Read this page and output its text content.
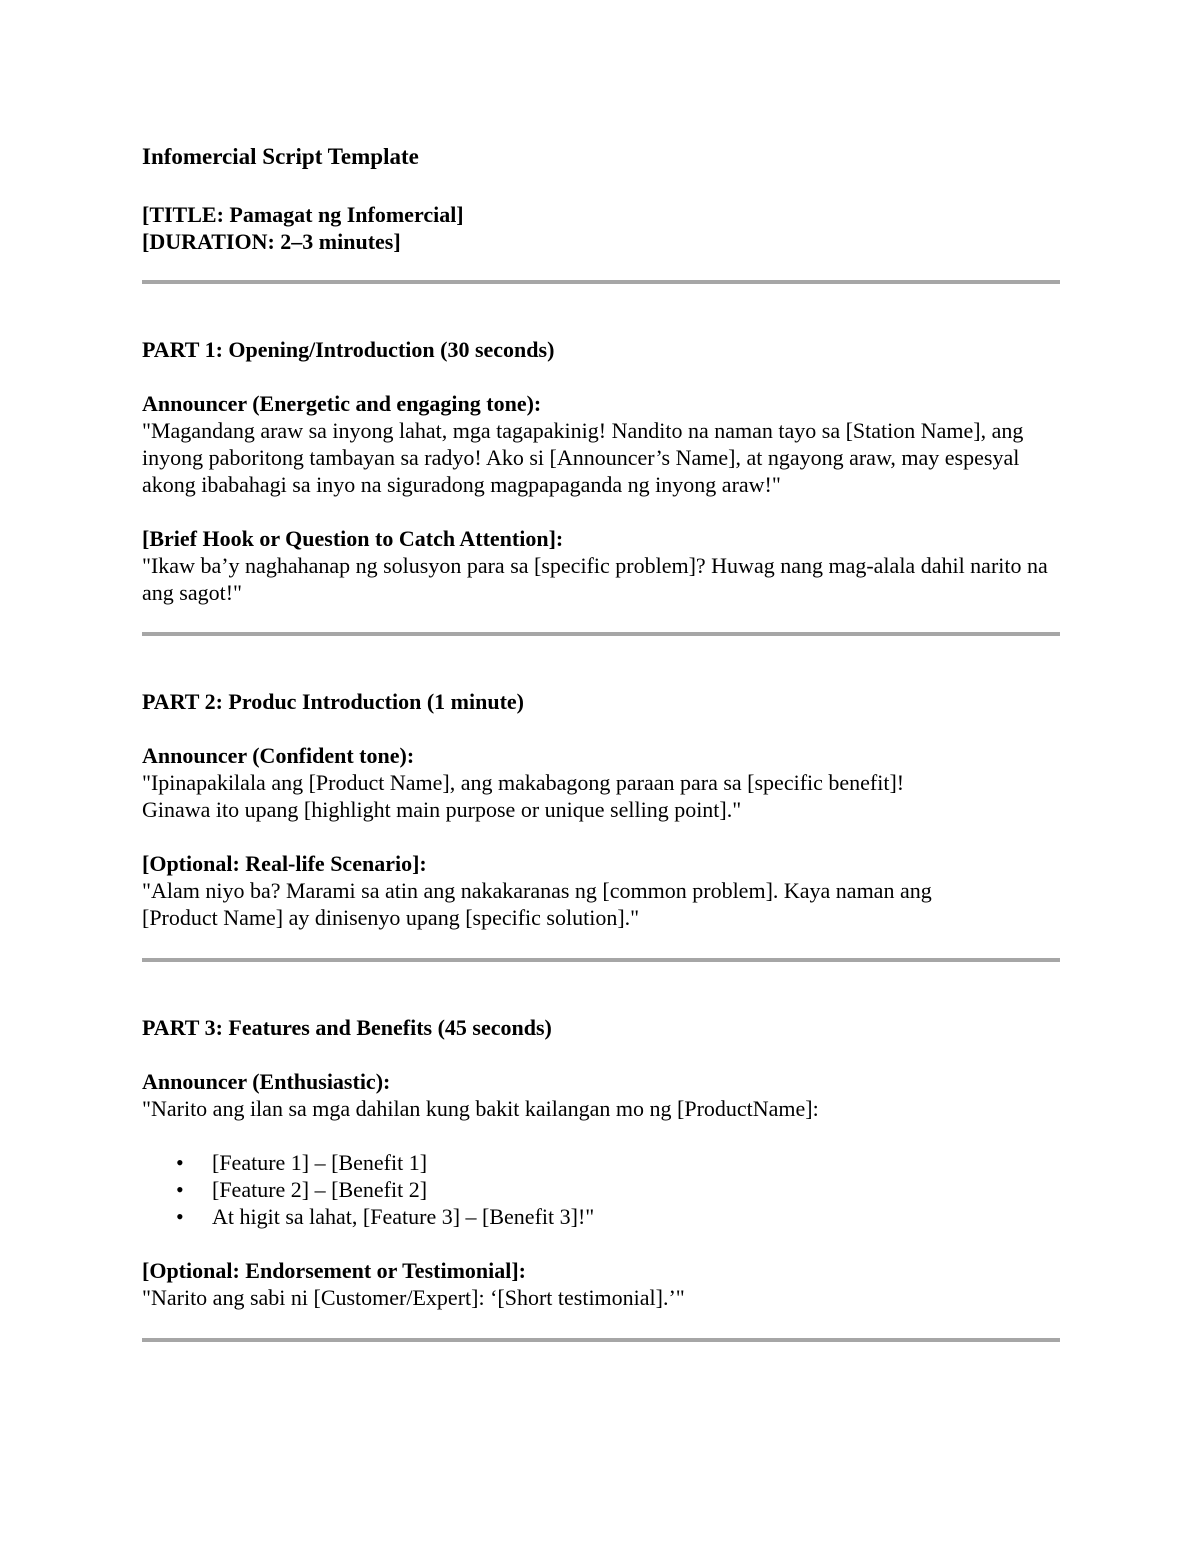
Infomercial Script Template
[TITLE: Pamagat ng Infomercial]
[DURATION: 2–3 minutes]
PART 1: Opening/Introduction (30 seconds)
Announcer (Energetic and engaging tone):
"Magandang araw sa inyong lahat, mga tagapakinig! Nandito na naman tayo sa [Station Name], ang inyong paboritong tambayan sa radyo! Ako si [Announcer’s Name], at ngayong araw, may espesyal akong ibabahagi sa inyo na siguradong magpapaganda ng inyong araw!"
[Brief Hook or Question to Catch Attention]:
"Ikaw ba’y naghahanap ng solusyon para sa [specific problem]? Huwag nang mag-alala dahil narito na ang sagot!"
PART 2: Produc Introduction (1 minute)
Announcer (Confident tone):
"Ipinapakilala ang [Product Name], ang makabagong paraan para sa [specific benefit]!
Ginawa ito upang [highlight main purpose or unique selling point]."
[Optional: Real-life Scenario]:
"Alam niyo ba? Marami sa atin ang nakakaranas ng [common problem]. Kaya naman ang
[Product Name] ay dinisenyo upang [specific solution]."
PART 3: Features and Benefits (45 seconds)
Announcer (Enthusiastic):
"Narito ang ilan sa mga dahilan kung bakit kailangan mo ng [ProductName]:
• [Feature 1] – [Benefit 1]
• [Feature 2] – [Benefit 2]
• At higit sa lahat, [Feature 3] – [Benefit 3]!"
[Optional: Endorsement or Testimonial]:
"Narito ang sabi ni [Customer/Expert]: ‘[Short testimonial].’"
